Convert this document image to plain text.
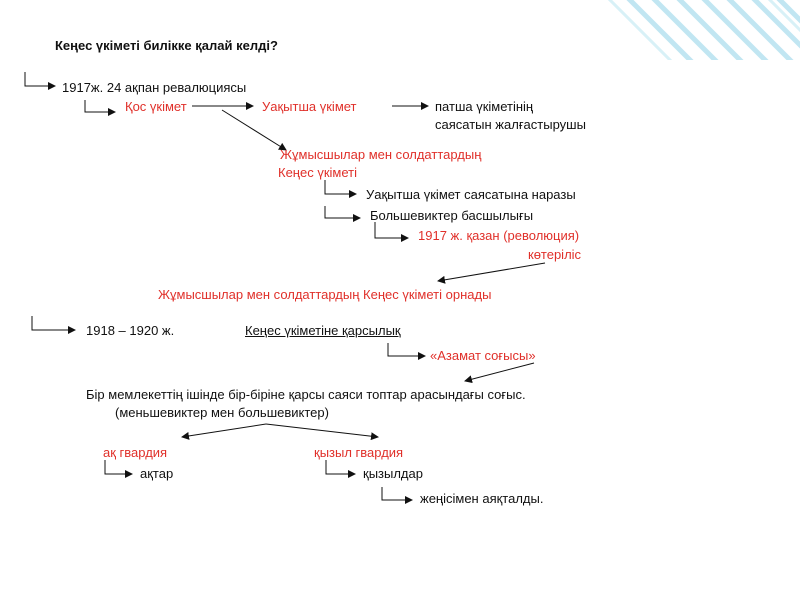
Кеңес үкіметі билікке қалай келді?
1917ж. 24 ақпан ревалюциясы
Қос үкімет	Уақытша үкімет	патша үкіметінің
саясатын жалғастырушы
Жұмысшылар мен солдаттардың
Кеңес үкіметі
Уақытша үкімет саясатына наразы
Большевиктер басшылығы
1917 ж. қазан (революция)
көтеріліс
Жұмысшылар мен солдаттардың Кеңес үкіметі орнады
1918 – 1920 ж.	Кеңес үкіметіне қарсылық
«Азамат соғысы»
Бір мемлекеттің ішінде бір-біріне қарсы саяси топтар арасындағы соғыс.
(меньшевиктер мен большевиктер)
ақ гвардия	қызыл гвардия
ақтар	қызылдар
жеңісімен аяқталды.
